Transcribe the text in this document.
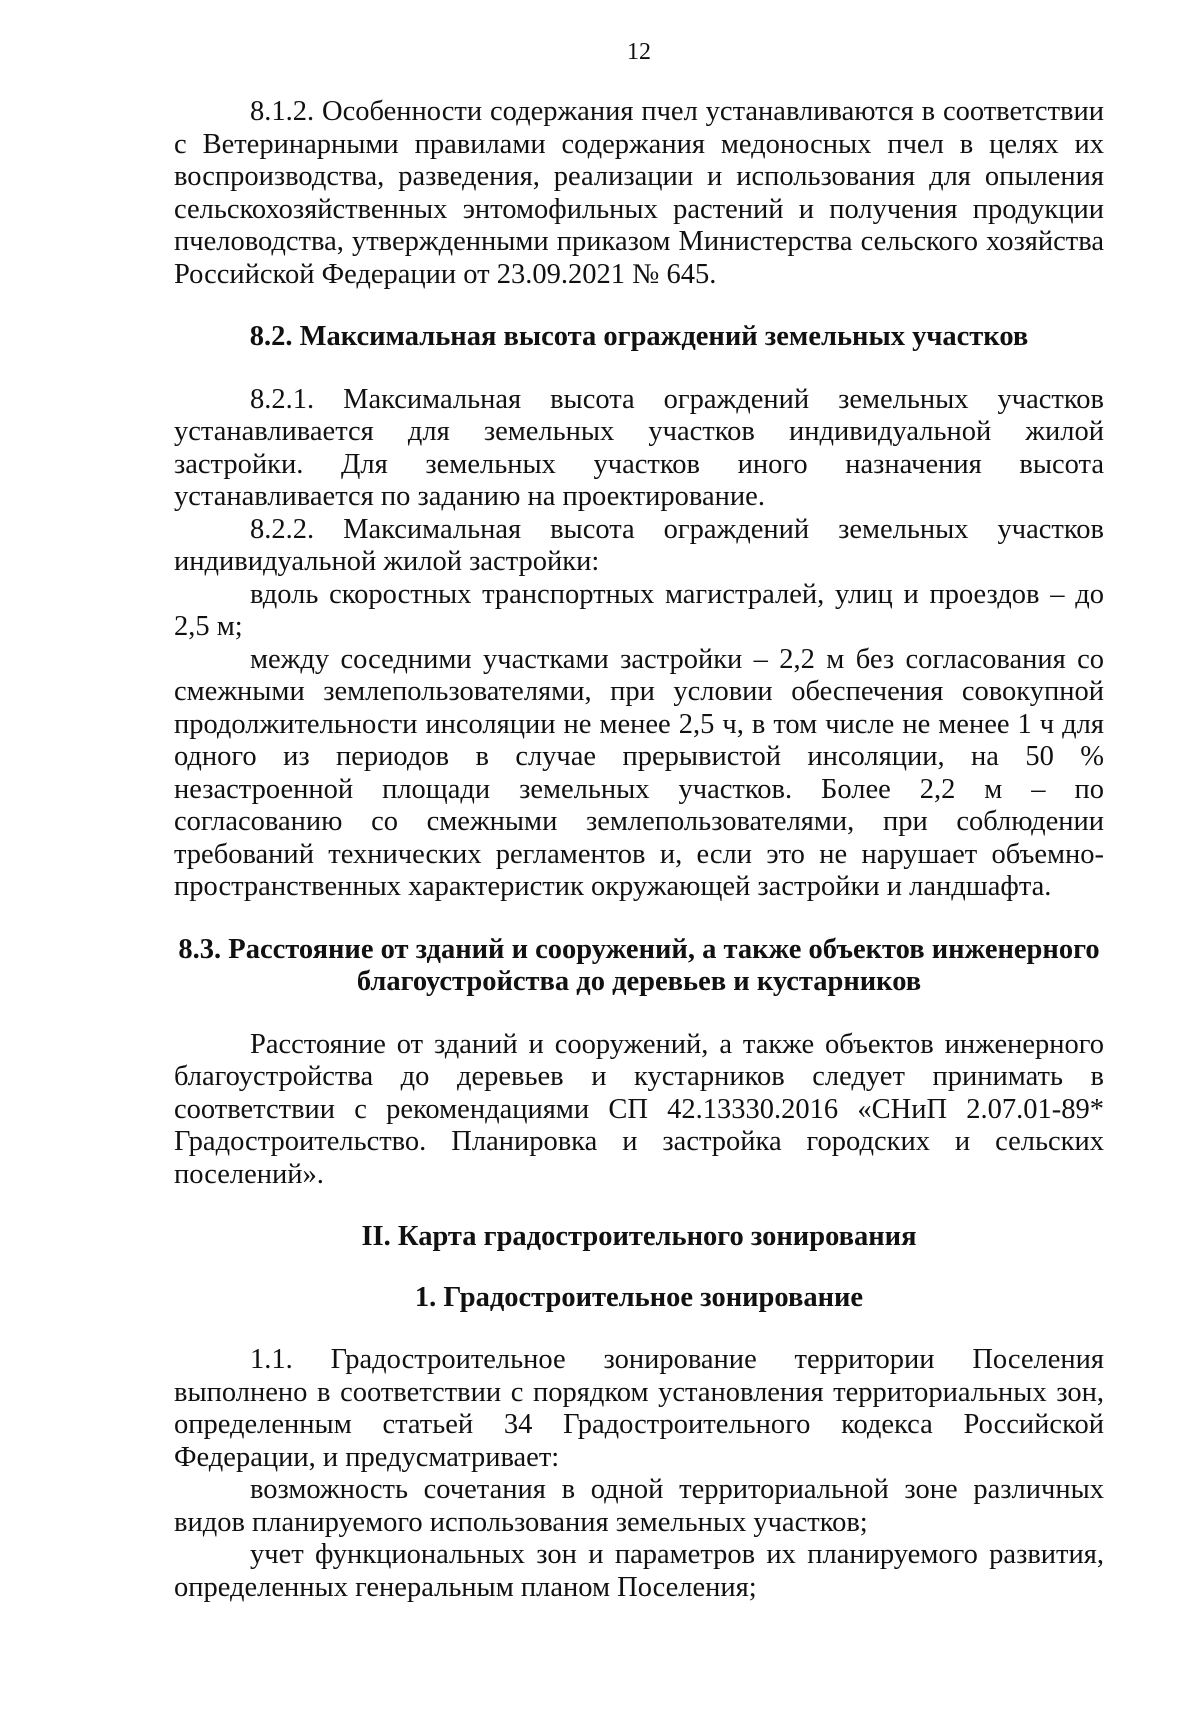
12

8.1.2. Особенности содержания пчел устанавливаются в соответствии с Ветеринарными правилами содержания медоносных пчел в целях их воспроизводства, разведения, реализации и использования для опыления сельскохозяйственных энтомофильных растений и получения продукции пчеловодства, утвержденными приказом Министерства сельского хозяйства Российской Федерации от 23.09.2021 № 645.

8.2. Максимальная высота ограждений земельных участков

8.2.1. Максимальная высота ограждений земельных участков устанавливается для земельных участков индивидуальной жилой застройки. Для земельных участков иного назначения высота устанавливается по заданию на проектирование.

8.2.2. Максимальная высота ограждений земельных участков индивидуальной жилой застройки:

вдоль скоростных транспортных магистралей, улиц и проездов – до 2,5 м;

между соседними участками застройки – 2,2 м без согласования со смежными землепользователями, при условии обеспечения совокупной продолжительности инсоляции не менее 2,5 ч, в том числе не менее 1 ч для одного из периодов в случае прерывистой инсоляции, на 50 % незастроенной площади земельных участков. Более 2,2 м – по согласованию со смежными землепользователями, при соблюдении требований технических регламентов и, если это не нарушает объемно-пространственных характеристик окружающей застройки и ландшафта.

8.3. Расстояние от зданий и сооружений, а также объектов инженерного благоустройства до деревьев и кустарников

Расстояние от зданий и сооружений, а также объектов инженерного благоустройства до деревьев и кустарников следует принимать в соответствии с рекомендациями СП 42.13330.2016 «СНиП 2.07.01-89* Градостроительство. Планировка и застройка городских и сельских поселений».

II. Карта градостроительного зонирования
1. Градостроительное зонирование

1.1. Градостроительное зонирование территории Поселения выполнено в соответствии с порядком установления территориальных зон, определенным статьей 34 Градостроительного кодекса Российской Федерации, и предусматривает:

возможность сочетания в одной территориальной зоне различных видов планируемого использования земельных участков;

учет функциональных зон и параметров их планируемого развития, определенных генеральным планом Поселения;
